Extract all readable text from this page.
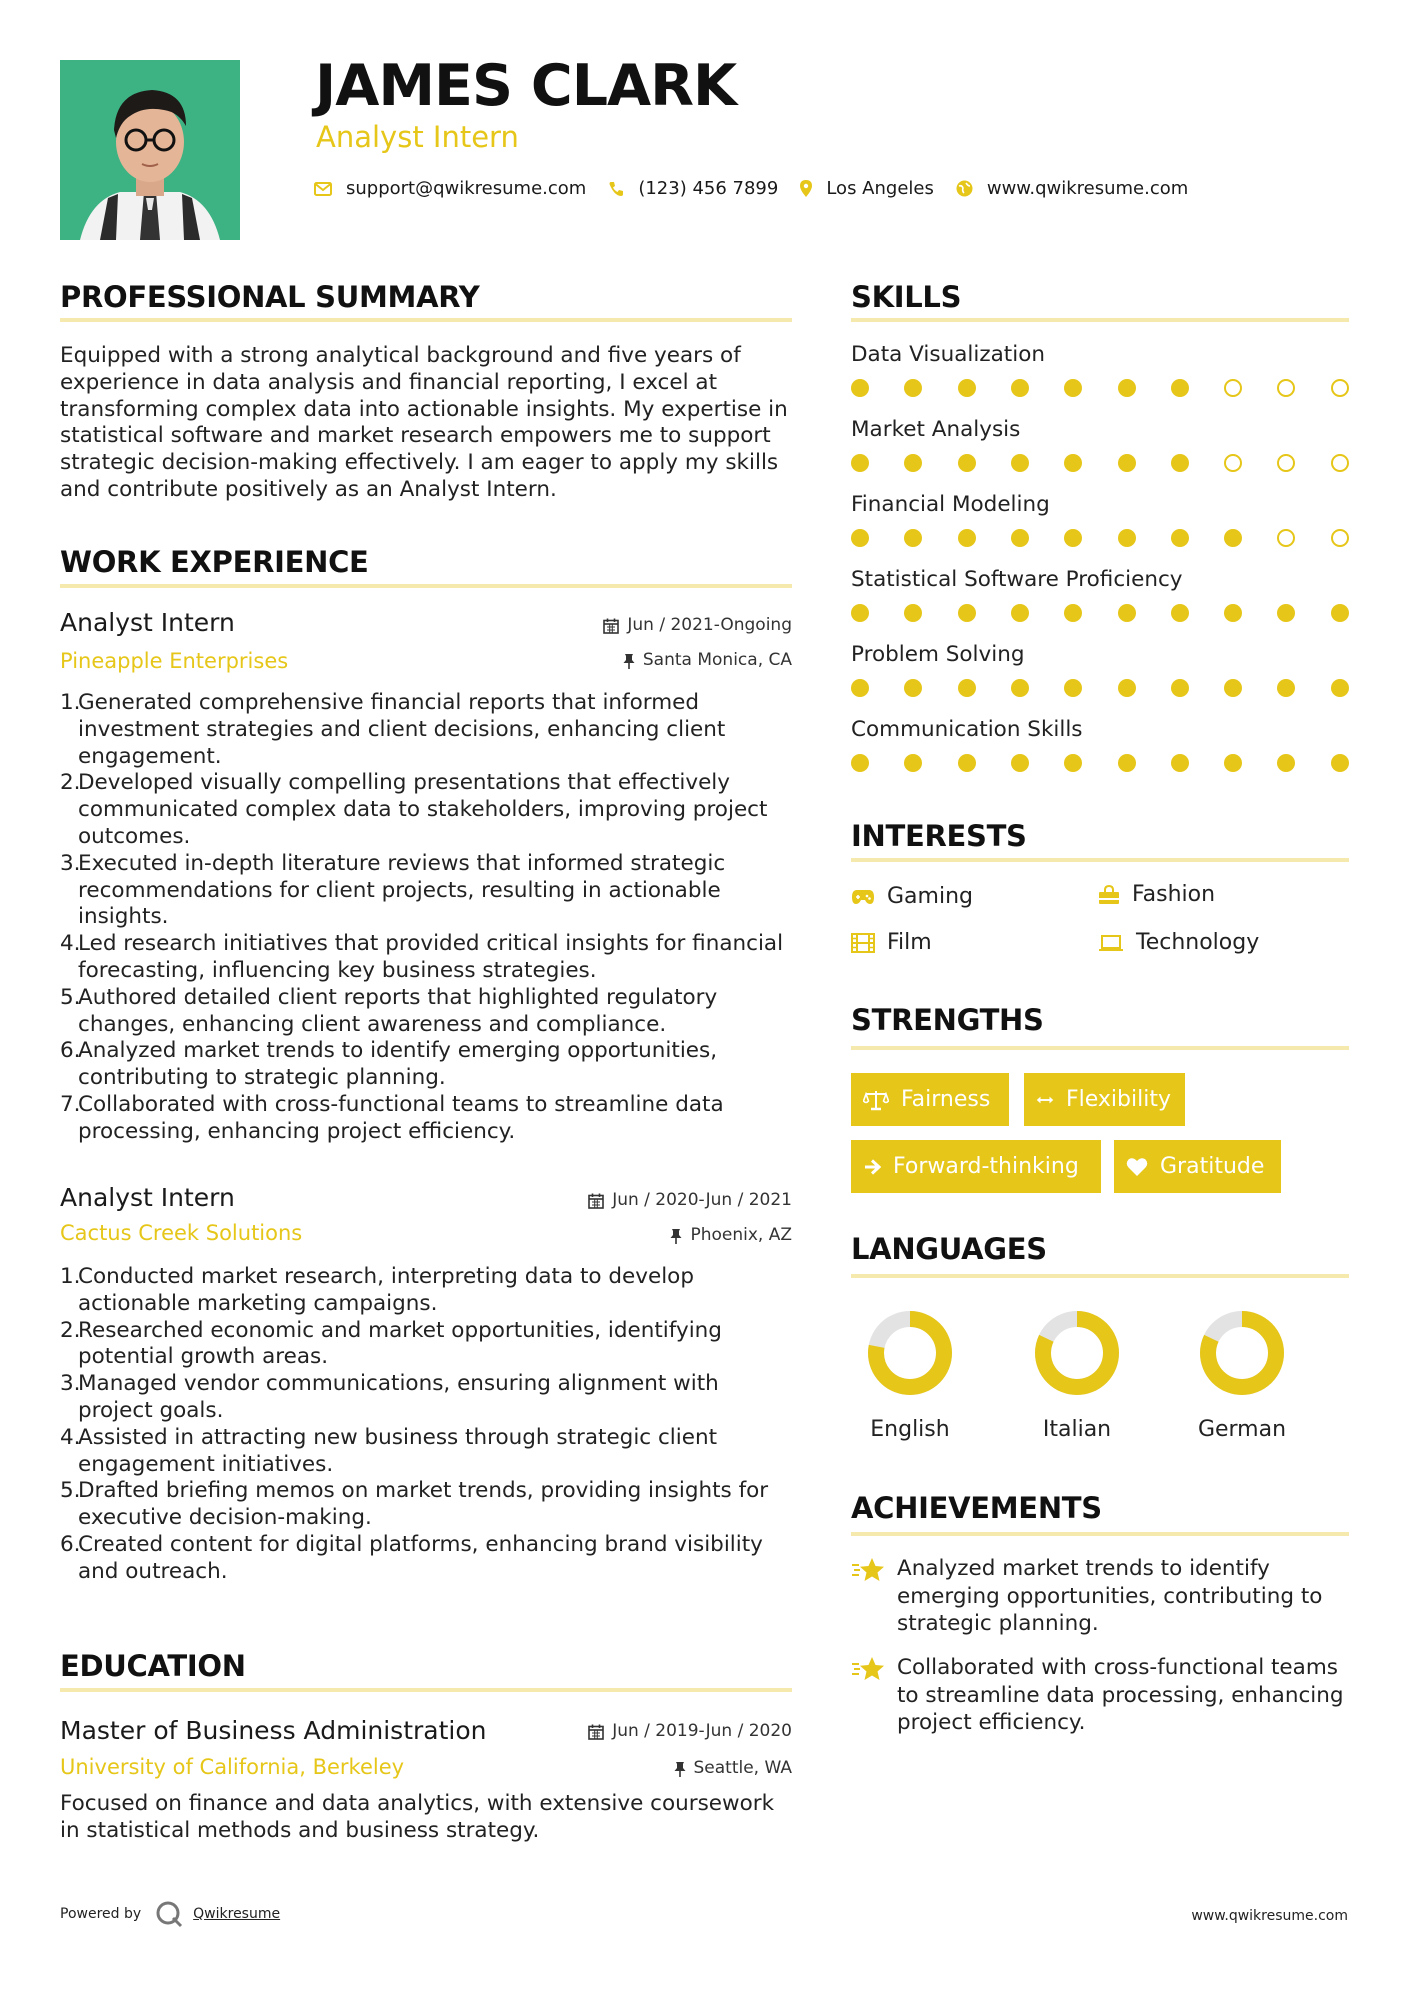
JAMES CLARK
Analyst Intern
support@qwikresume.com	(123) 456 7899	Los Angeles	www.qwikresume.com
PROFESSIONAL SUMMARY
Equipped with a strong analytical background and five years of experience in data analysis and financial reporting, I excel at transforming complex data into actionable insights. My expertise in statistical software and market research empowers me to support strategic decision-making effectively. I am eager to apply my skills and contribute positively as an Analyst Intern.
WORK EXPERIENCE
Analyst Intern
Pineapple Enterprises
Jun / 2021-Ongoing
Santa Monica, CA
1.
Generated comprehensive financial reports that informed investment strategies and client decisions, enhancing client engagement.
2.
Developed visually compelling presentations that effectively communicated complex data to stakeholders, improving project outcomes.
3.
Executed in-depth literature reviews that informed strategic recommendations for client projects, resulting in actionable insights.
4.
Led research initiatives that provided critical insights for financial forecasting, influencing key business strategies.
5.
Authored detailed client reports that highlighted regulatory changes, enhancing client awareness and compliance.
6.
Analyzed market trends to identify emerging opportunities, contributing to strategic planning.
7.
Collaborated with cross-functional teams to streamline data processing, enhancing project efficiency.
Analyst Intern
Cactus Creek Solutions
Jun / 2020-Jun / 2021
Phoenix, AZ
1.
Conducted market research, interpreting data to develop actionable marketing campaigns.
2.
Researched economic and market opportunities, identifying potential growth areas.
3.
Managed vendor communications, ensuring alignment with project goals.
4.
Assisted in attracting new business through strategic client engagement initiatives.
5.
Drafted briefing memos on market trends, providing insights for executive decision-making.
6.
Created content for digital platforms, enhancing brand visibility and outreach.
EDUCATION
Master of Business Administration
University of California, Berkeley
Jun / 2019-Jun / 2020
Seattle, WA
Focused on finance and data analytics, with extensive coursework in statistical methods and business strategy.
SKILLS
Data Visualization
Market Analysis
Financial Modeling
Statistical Software Proficiency
Problem Solving
Communication Skills
INTERESTS
Gaming	Fashion
Film	Technology
STRENGTHS
Fairness	Flexibility
Forward-thinking	Gratitude
LANGUAGES
English	Italian	German
ACHIEVEMENTS
Analyzed market trends to identify emerging opportunities, contributing to strategic planning.
Collaborated with cross-functional teams to streamline data processing, enhancing project efficiency.
Powered by	Qwikresume	www.qwikresume.com
